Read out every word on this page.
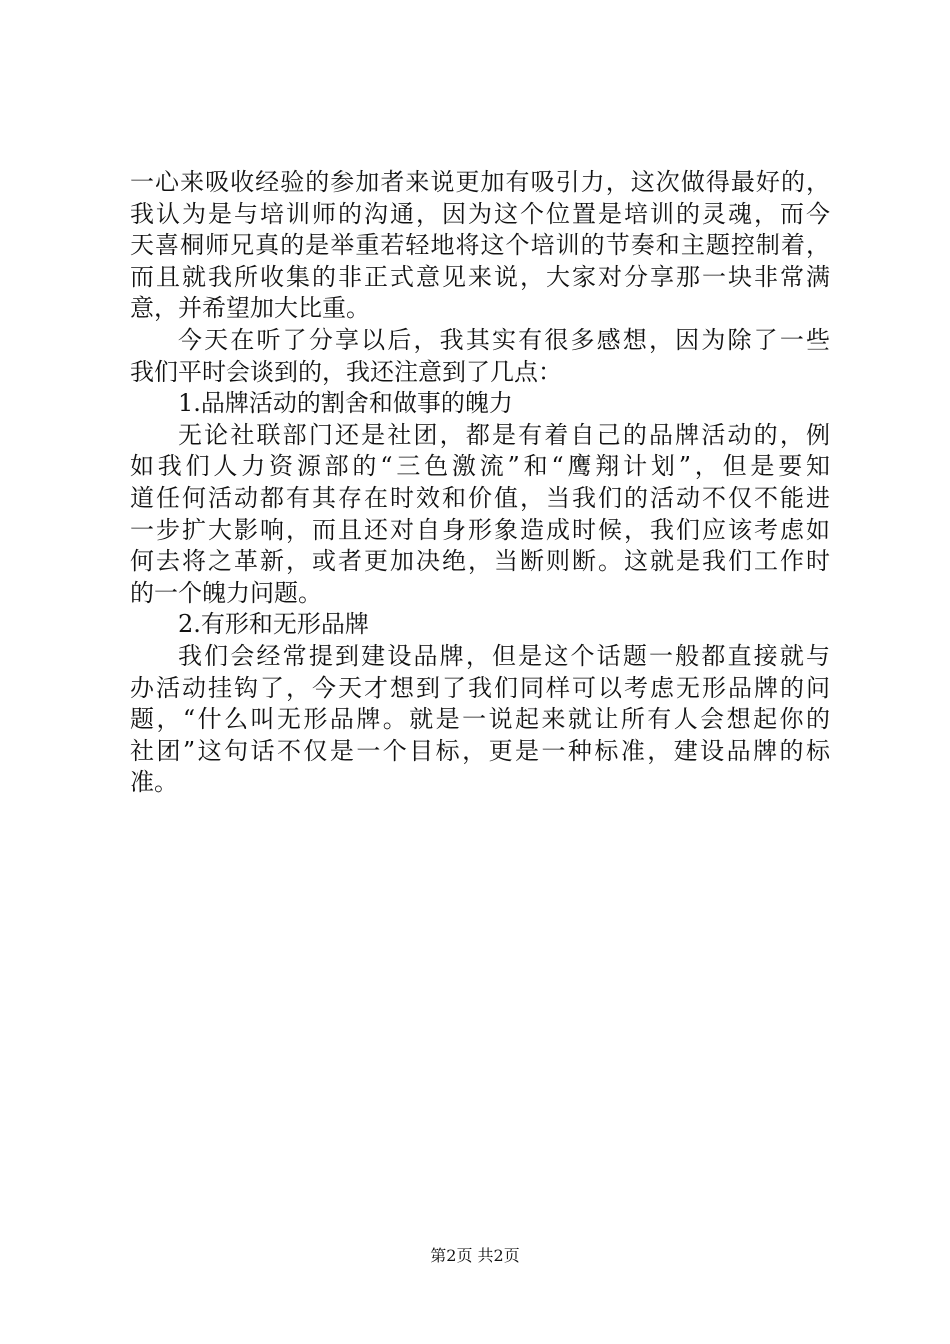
一心来吸收经验的参加者来说更加有吸引力，这次做得最好的，
我认为是与培训师的沟通，因为这个位置是培训的灵魂，而今
天喜桐师兄真的是举重若轻地将这个培训的节奏和主题控制着，
而且就我所收集的非正式意见来说，大家对分享那一块非常满
意，并希望加大比重。
今天在听了分享以后，我其实有很多感想，因为除了一些
我们平时会谈到的，我还注意到了几点：
1.品牌活动的割舍和做事的魄力
无论社联部门还是社团，都是有着自己的品牌活动的，例
如我们人力资源部的“三色激流”和“鹰翔计划”，但是要知
道任何活动都有其存在时效和价值，当我们的活动不仅不能进
一步扩大影响，而且还对自身形象造成时候，我们应该考虑如
何去将之革新，或者更加决绝，当断则断。这就是我们工作时
的一个魄力问题。
2.有形和无形品牌
我们会经常提到建设品牌，但是这个话题一般都直接就与
办活动挂钩了，今天才想到了我们同样可以考虑无形品牌的问
题，“什么叫无形品牌。就是一说起来就让所有人会想起你的
社团”这句话不仅是一个目标，更是一种标准，建设品牌的标
准。
第2页 共2页
